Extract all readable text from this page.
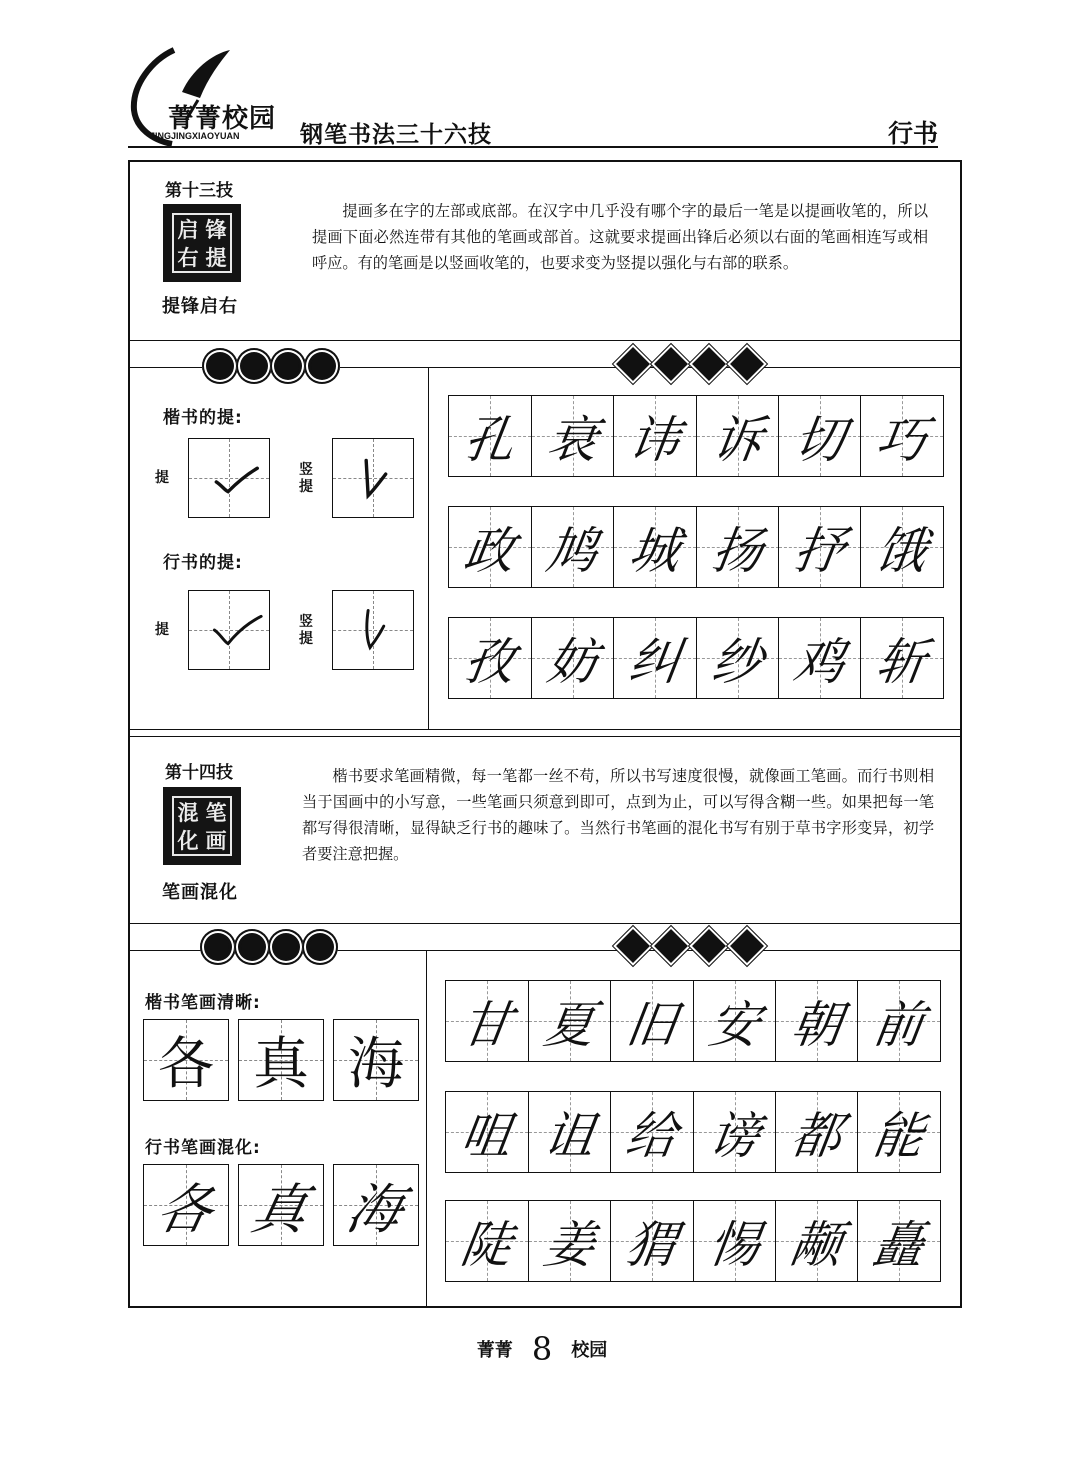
菁菁校园
JINGJINGXIAOYUAN	钢笔书法三十六技	行书
第十三技
启 锋
右 提
提锋启右
提画多在字的左部或底部。在汉字中几乎没有哪个字的最后一笔是以提画收笔的，所以提画下面必然连带有其他的笔画或部首。这就要求提画出锋后必须以右面的笔画相连写或相呼应。有的笔画是以竖画收笔的，也要求变为竖提以强化与右部的联系。
楷书的提:
提	竖提
行书的提:
提	竖提
孔 衰 讳 诉 切 巧
政 鸠 城 扬 抒 饿
孜 妨 纠 纱 鸡 斩
第十四技
混 笔
化 画
笔画混化
楷书要求笔画精微，每一笔都一丝不苟，所以书写速度很慢，就像画工笔画。而行书则相当于国画中的小写意，一些笔画只须意到即可，点到为止，可以写得含糊一些。如果把每一笔都写得很清晰，显得缺乏行书的趣味了。当然行书笔画的混化书写有别于草书字形变异，初学者要注意把握。
楷书笔画清晰:
各 真 海
行书笔画混化:
各 真 海
甘 夏 旧 安 朝 前
咀 诅 给 谤 都 能
陡 姜 猬 惕 颟 矗
菁菁 8 校园
